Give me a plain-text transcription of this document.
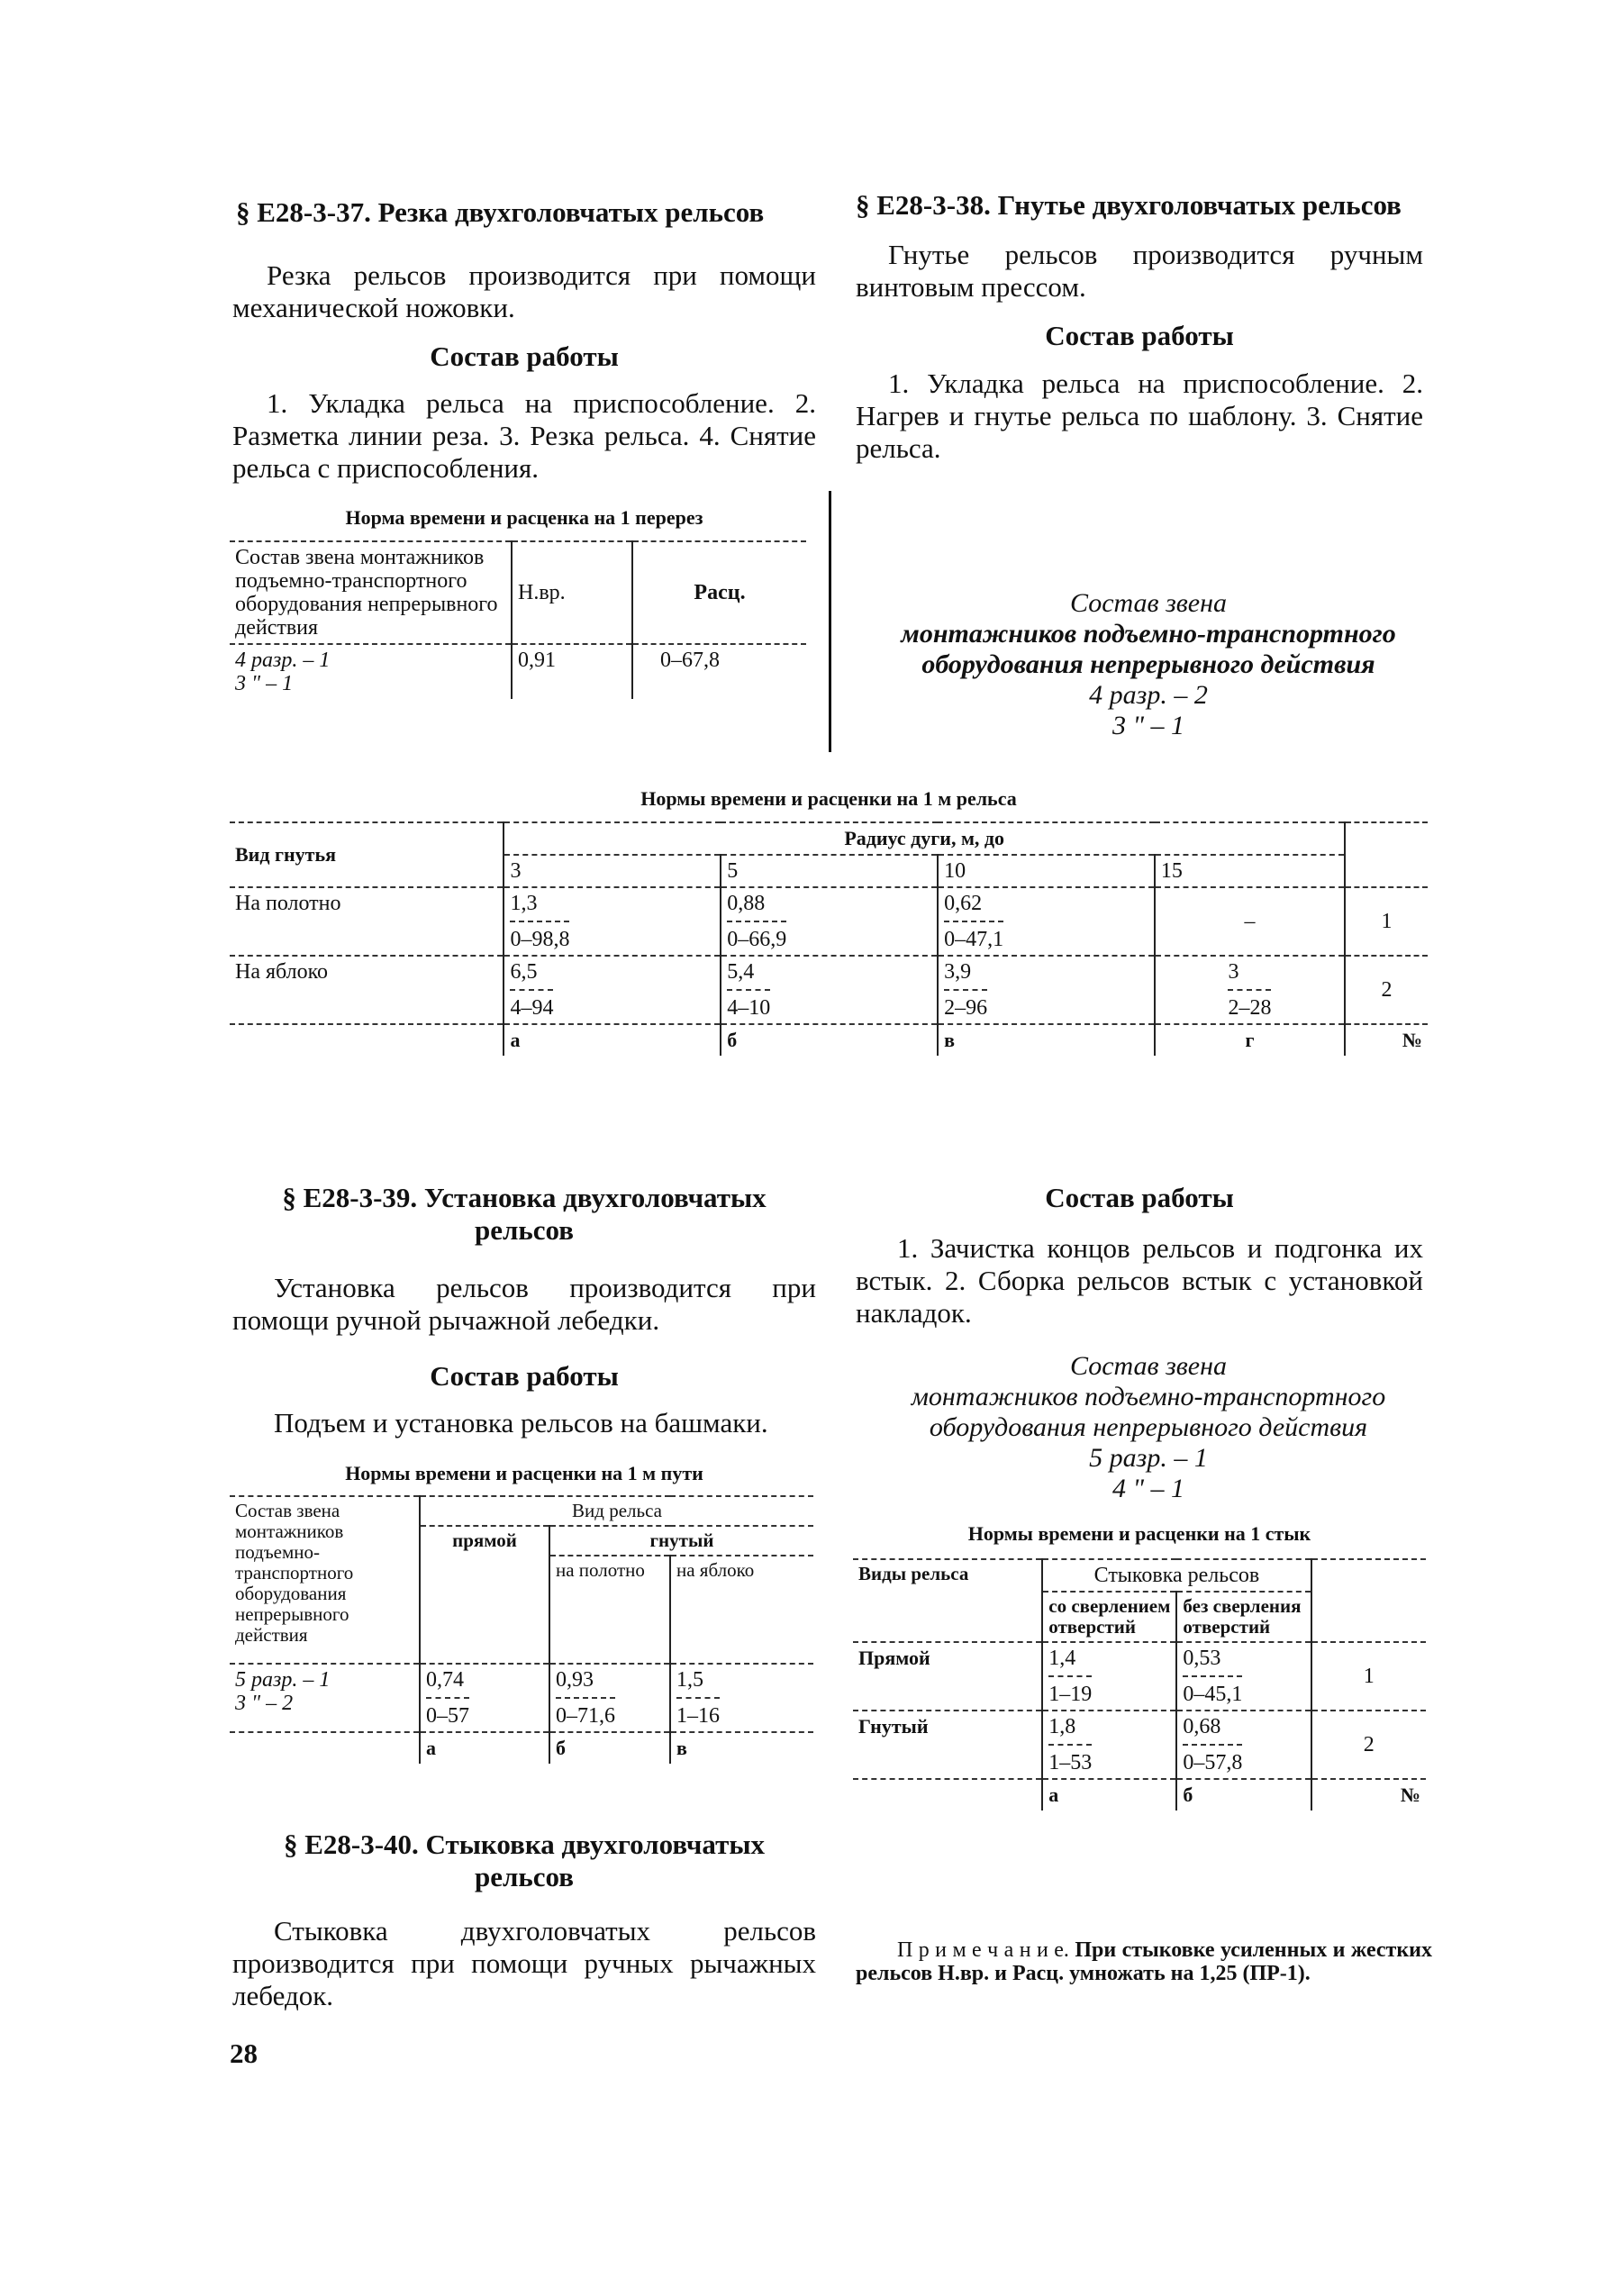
§ Е28-3-37. Резка двухголовчатых рельсов
Резка рельсов производится при помощи механической ножовки.
Состав работы
1. Укладка рельса на приспособление. 2. Разметка линии реза. 3. Резка рельса. 4. Снятие рельса с приспособления.
Норма времени и расценка на 1 перерез
Состав звена монтажников подъемно-транспортного оборудования непрерывного действия	Н.вр.	Расц.
4 разр. – 1
3 " – 1	0,91	0–67,8
§ Е28-3-38. Гнутье двухголовчатых рельсов
Гнутье рельсов производится ручным винтовым прессом.
Состав работы
1. Укладка рельса на приспособление. 2. Нагрев и гнутье рельса по шаблону. 3. Снятие рельса.
Состав звена
монтажников подъемно-транспортного
оборудования непрерывного действия
4 разр. – 2
3 " – 1
Нормы времени и расценки на 1 м рельса
Вид гнутья	Радиус дуги, м, до				
	3	5	10	15	
На полотно	$\frac{1,3}{0-98,8}$	$\frac{0,88}{0-66,9}$	$\frac{0,62}{0-47,1}$	–	1
На яблоко	$\frac{6,5}{4-94}$	$\frac{5,4}{4-10}$	$\frac{3,9}{2-96}$	$\frac{3}{2-28}$	2
	а	б	в	г	№
§ Е28-3-39. Установка двухголовчатых
рельсов
Установка рельсов производится при помощи ручной рычажной лебедки.
Состав работы
Подъем и установка рельсов на башмаки.
Нормы времени и расценки на 1 м пути
Состав звена монтажников подъемно-транспортного оборудования непрерывного действия	Вид рельса		
	прямой	гнутый	
		на полотно	на яблоко
5 разр. – 1
3 " – 2	$\frac{0,74}{0-57}$	$\frac{0,93}{0-71,6}$	$\frac{1,5}{1-16}$

	а	б	в
§ Е28-3-40. Стыковка двухголовчатых
рельсов
Стыковка двухголовчатых рельсов производится при помощи ручных рычажных лебедок.
Состав работы
1. Зачистка концов рельсов и подгонка их встык. 2. Сборка рельсов встык с установкой накладок.
Состав звена
монтажников подъемно-транспортного
оборудования непрерывного действия
5 разр. – 1
4 " – 1
Нормы времени и расценки на 1 стык
Виды рельса	Стыковка рельсов		
	со сверлением отверстий	без сверления отверстий	
Прямой	$\frac{1,4}{1-19}$	$\frac{0,53}{0-45,1}$	1
Гнутый	$\frac{1,8}{1-53}$	$\frac{0,68}{0-57,8}$	2
	а	б	№
П р и м е ч а н и е. При стыковке усиленных и жестких рельсов Н.вр. и Расц. умножать на 1,25 (ПР-1).
28
